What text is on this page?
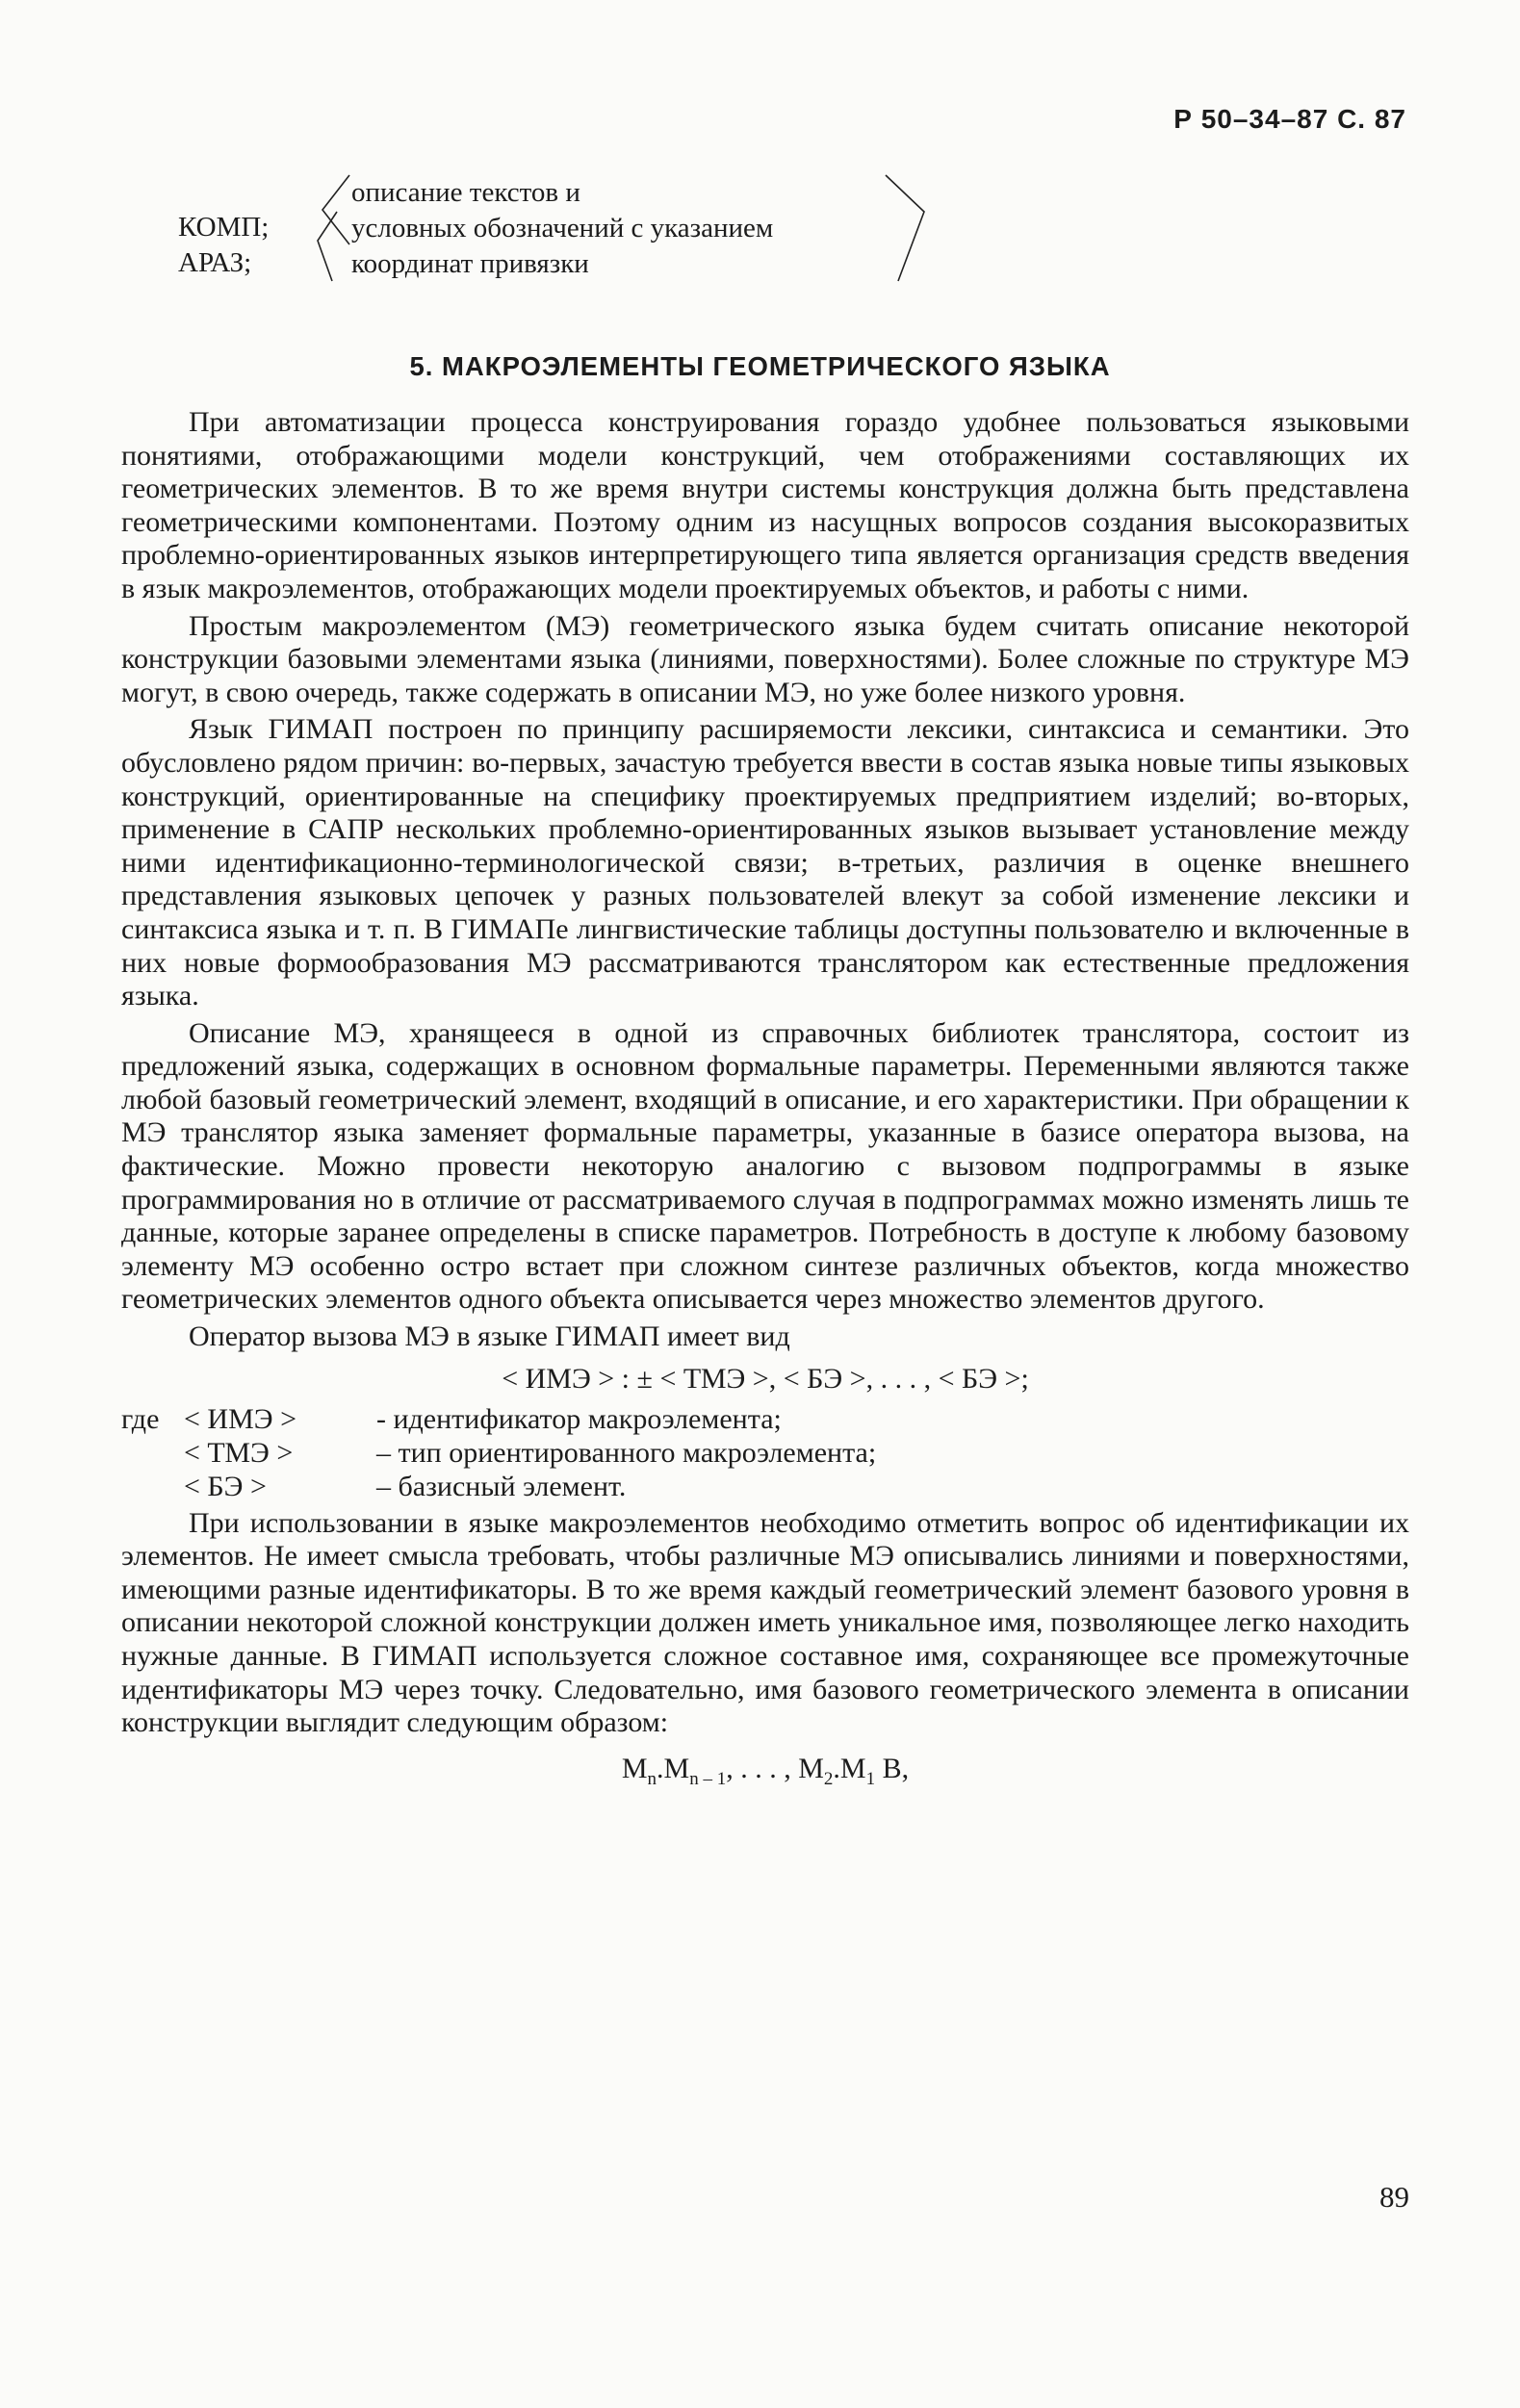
Р 50–34–87 С. 87
КОМП;
АРАЗ;
описание текстов и
условных обозначений с указанием
координат привязки
5. МАКРОЭЛЕМЕНТЫ ГЕОМЕТРИЧЕСКОГО ЯЗЫКА

При автоматизации процесса конструирования гораздо удобнее пользоваться языковыми понятиями, отображающими модели конструкций, чем отображениями составляющих их геометрических элементов. В то же время внутри системы конструкция должна быть представлена геометрическими компонентами. Поэтому одним из насущных вопросов создания высокоразвитых проблемно-ориентированных языков интерпретирующего типа является организация средств введения в язык макроэлементов, отображающих модели проектируемых объектов, и работы с ними.

Простым макроэлементом (МЭ) геометрического языка будем считать описание некоторой конструкции базовыми элементами языка (линиями, поверхностями). Более сложные по структуре МЭ могут, в свою очередь, также содержать в описании МЭ, но уже более низкого уровня.

Язык ГИМАП построен по принципу расширяемости лексики, синтаксиса и семантики. Это обусловлено рядом причин: во-первых, зачастую требуется ввести в состав языка новые типы языковых конструкций, ориентированные на специфику проектируемых предприятием изделий; во-вторых, применение в САПР нескольких проблемно-ориентированных языков вызывает установление между ними идентификационно-терминологической связи; в-третьих, различия в оценке внешнего представления языковых цепочек у разных пользователей влекут за собой изменение лексики и синтаксиса языка и т. п. В ГИМАПе лингвистические таблицы доступны пользователю и включенные в них новые формообразования МЭ рассматриваются транслятором как естественные предложения языка.

Описание МЭ, хранящееся в одной из справочных библиотек транслятора, состоит из предложений языка, содержащих в основном формальные параметры. Переменными являются также любой базовый геометрический элемент, входящий в описание, и его характеристики. При обращении к МЭ транслятор языка заменяет формальные параметры, указанные в базисе оператора вызова, на фактические. Можно провести некоторую аналогию с вызовом подпрограммы в языке программирования но в отличие от рассматриваемого случая в подпрограммах можно изменять лишь те данные, которые заранее определены в списке параметров. Потребность в доступе к любому базовому элементу МЭ особенно остро встает при сложном синтезе различных объектов, когда множество геометрических элементов одного объекта описывается через множество элементов другого.

Оператор вызова МЭ в языке ГИМАП имеет вид

< ИМЭ > : ± < ТМЭ >, < БЭ >, . . . , < БЭ >;
где < ИМЭ >	- идентификатор макроэлемента;
< ТМЭ >	– тип ориентированного макроэлемента;
< БЭ >	– базисный элемент.

При использовании в языке макроэлементов необходимо отметить вопрос об идентификации их элементов. Не имеет смысла требовать, чтобы различные МЭ описывались линиями и поверхностями, имеющими разные идентификаторы. В то же время каждый геометрический элемент базового уровня в описании некоторой сложной конструкции должен иметь уникальное имя, позволяющее легко находить нужные данные. В ГИМАП используется сложное составное имя, сохраняющее все промежуточные идентификаторы МЭ через точку. Следовательно, имя базового геометрического элемента в описании конструкции выглядит следующим образом:

$M_n.M_{n - 1}$, . . . , $M_2.M_1$ B,
89
